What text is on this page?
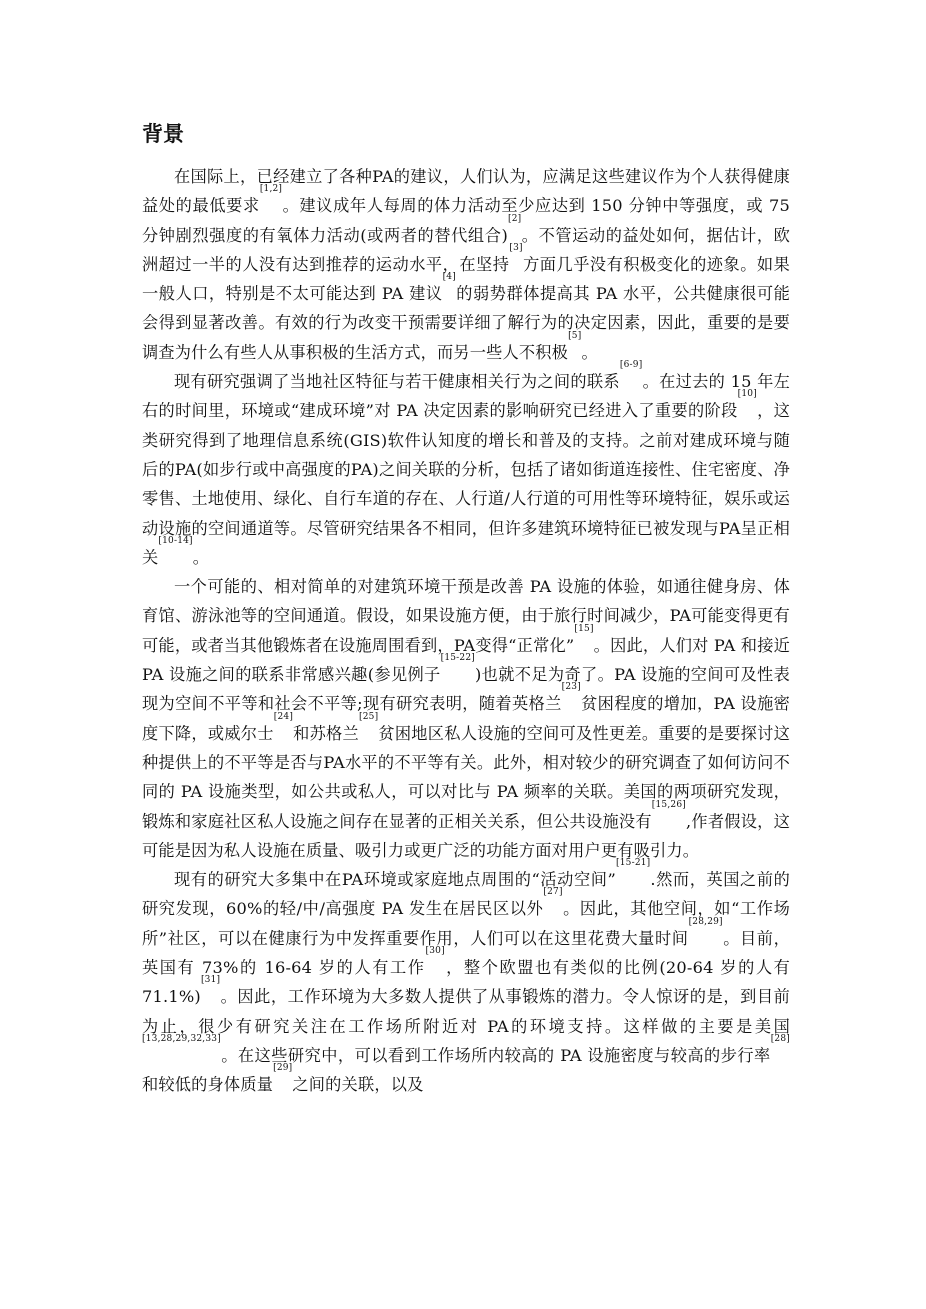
背景

在国际上，已经建立了各种PA的建议，人们认为，应满足这些建议作为个人获得健康益处的最低要求[1,2]。建议成年人每周的体力活动至少应达到 150 分钟中等强度，或 75 分钟剧烈强度的有氧体力活动(或两者的替代组合)[2]。不管运动的益处如何，据估计，欧洲超过一半的人没有达到推荐的运动水平，在坚持[3]方面几乎没有积极变化的迹象。如果一般人口，特别是不太可能达到 PA 建议[4]的弱势群体提高其 PA 水平，公共健康很可能会得到显著改善。有效的行为改变干预需要详细了解行为的决定因素，因此，重要的是要调查为什么有些人从事积极的生活方式，而另一些人不积极[5]。

现有研究强调了当地社区特征与若干健康相关行为之间的联系[6-9]。在过去的 15 年左右的时间里，环境或“建成环境”对 PA 决定因素的影响研究已经进入了重要的阶段[10]，这类研究得到了地理信息系统(GIS)软件认知度的增长和普及的支持。之前对建成环境与随后的PA(如步行或中高强度的PA)之间关联的分析，包括了诸如街道连接性、住宅密度、净零售、土地使用、绿化、自行车道的存在、人行道/人行道的可用性等环境特征，娱乐或运动设施的空间通道等。尽管研究结果各不相同，但许多建筑环境特征已被发现与PA呈正相关[10-14]。

一个可能的、相对简单的对建筑环境干预是改善 PA 设施的体验，如通往健身房、体育馆、游泳池等的空间通道。假设，如果设施方便，由于旅行时间减少，PA可能变得更有可能，或者当其他锻炼者在设施周围看到，PA变得“正常化”[15]。因此，人们对 PA 和接近 PA 设施之间的联系非常感兴趣(参见例子[15-22])也就不足为奇了。PA 设施的空间可及性表现为空间不平等和社会不平等;现有研究表明，随着英格兰[23]贫困程度的增加，PA 设施密度下降，或威尔士[24]和苏格兰[25]贫困地区私人设施的空间可及性更差。重要的是要探讨这种提供上的不平等是否与PA水平的不平等有关。此外，相对较少的研究调查了如何访问不同的 PA 设施类型，如公共或私人，可以对比与 PA 频率的关联。美国的两项研究发现，锻炼和家庭社区私人设施之间存在显著的正相关关系，但公共设施没有[15,26],作者假设，这可能是因为私人设施在质量、吸引力或更广泛的功能方面对用户更有吸引力。

现有的研究大多集中在PA环境或家庭地点周围的“活动空间”[15-21].然而，英国之前的研究发现，60%的轻/中/高强度 PA 发生在居民区以外[27]。因此，其他空间，如“工作场所”社区，可以在健康行为中发挥重要作用，人们可以在这里花费大量时间[28,29]。目前，英国有 73%的 16-64 岁的人有工作[30]，整个欧盟也有类似的比例(20-64 岁的人有 71.1%)[31]。因此，工作环境为大多数人提供了从事锻炼的潜力。令人惊讶的是，到目前为止，很少有研究关注在工作场所附近对 PA的环境支持。这样做的主要是美国[13,28,29,32,33]。在这些研究中，可以看到工作场所内较高的 PA 设施密度与较高的步行率[28]和较低的身体质量[29]之间的关联，以及
